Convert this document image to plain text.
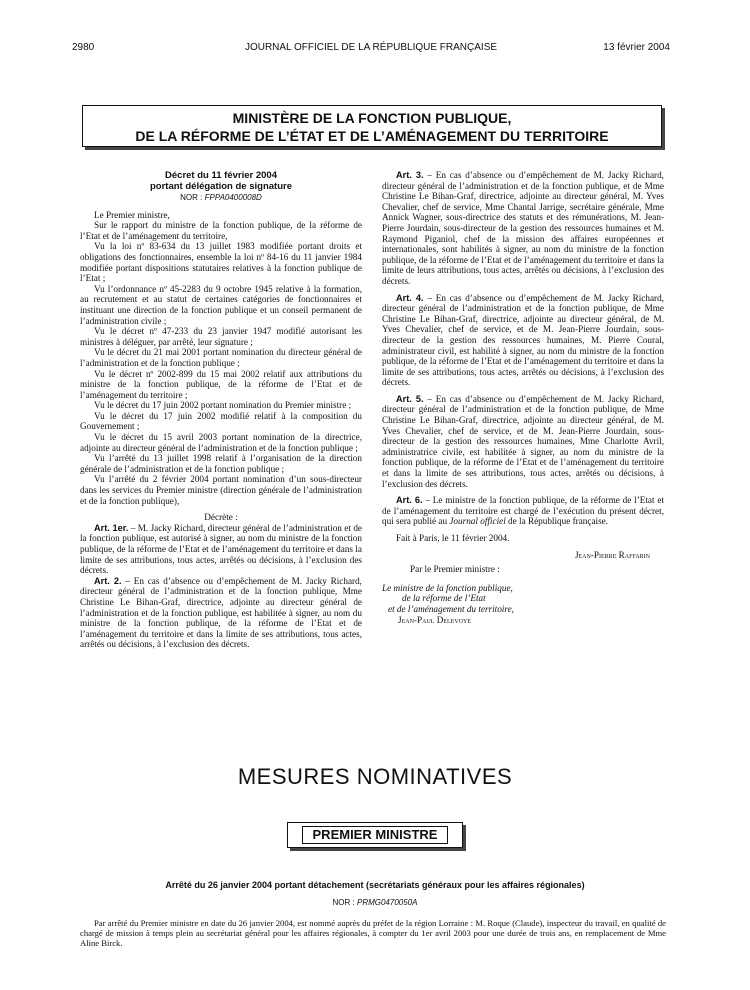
2980	JOURNAL OFFICIEL DE LA RÉPUBLIQUE FRANÇAISE	13 février 2004
MINISTÈRE DE LA FONCTION PUBLIQUE,
DE LA RÉFORME DE L’ÉTAT ET DE L’AMÉNAGEMENT DU TERRITOIRE
Décret du 11 février 2004
portant délégation de signature
NOR : FPPA0400008D

Le Premier ministre,

Sur le rapport du ministre de la fonction publique, de la réforme de l’Etat et de l’aménagement du territoire,

Vu la loi nº 83-634 du 13 juillet 1983 modifiée portant droits et obligations des fonctionnaires, ensemble la loi nº 84-16 du 11 janvier 1984 modifiée portant dispositions statutaires relatives à la fonction publique de l’Etat ;

Vu l’ordonnance nº 45-2283 du 9 octobre 1945 relative à la formation, au recrutement et au statut de certaines catégories de fonctionnaires et instituant une direction de la fonction publique et un conseil permanent de l’administration civile ;

Vu le décret nº 47-233 du 23 janvier 1947 modifié autorisant les ministres à déléguer, par arrêté, leur signature ;

Vu le décret du 21 mai 2001 portant nomination du directeur général de l’administration et de la fonction publique ;

Vu le décret nº 2002-899 du 15 mai 2002 relatif aux attributions du ministre de la fonction publique, de la réforme de l’Etat et de l’aménagement du territoire ;

Vu le décret du 17 juin 2002 portant nomination du Premier ministre ;

Vu le décret du 17 juin 2002 modifié relatif à la composition du Gouvernement ;

Vu le décret du 15 avril 2003 portant nomination de la directrice, adjointe au directeur général de l’administration et de la fonction publique ;

Vu l’arrêté du 13 juillet 1998 relatif à l’organisation de la direction générale de l’administration et de la fonction publique ;

Vu l’arrêté du 2 février 2004 portant nomination d’un sous-directeur dans les services du Premier ministre (direction générale de l’administration et de la fonction publique),

Décrète :

Art. 1er. – M. Jacky Richard, directeur général de l’administration et de la fonction publique, est autorisé à signer, au nom du ministre de la fonction publique, de la réforme de l’Etat et de l’aménagement du territoire et dans la limite de ses attributions, tous actes, arrêtés ou décisions, à l’exclusion des décrets.

Art. 2. – En cas d’absence ou d’empêchement de M. Jacky Richard, directeur général de l’administration et de la fonction publique, Mme Christine Le Bihan-Graf, directrice, adjointe au directeur général de l’administration et de la fonction publique, est habilitée à signer, au nom du ministre de la fonction publique, de la réforme de l’Etat et de l’aménagement du territoire et dans la limite de ses attributions, tous actes, arrêtés ou décisions, à l’exclusion des décrets.

Art. 3. – En cas d’absence ou d’empêchement de M. Jacky Richard, directeur général de l’administration et de la fonction publique, et de Mme Christine Le Bihan-Graf, directrice, adjointe au directeur général, M. Yves Chevalier, chef de service, Mme Chantal Jarrige, secrétaire générale, Mme Annick Wagner, sous-directrice des statuts et des rémunérations, M. Jean-Pierre Jourdain, sous-directeur de la gestion des ressources humaines et M. Raymond Piganiol, chef de la mission des affaires européennes et internationales, sont habilités à signer, au nom du ministre de la fonction publique, de la réforme de l’Etat et de l’aménagement du territoire et dans la limite de leurs attributions, tous actes, arrêtés ou décisions, à l’exclusion des décrets.

Art. 4. – En cas d’absence ou d’empêchement de M. Jacky Richard, directeur général de l’administration et de la fonction publique, de Mme Christine Le Bihan-Graf, directrice, adjointe au directeur général, de M. Yves Chevalier, chef de service, et de M. Jean-Pierre Jourdain, sous-directeur de la gestion des ressources humaines, M. Pierre Coural, administrateur civil, est habilité à signer, au nom du ministre de la fonction publique, de la réforme de l’Etat et de l’aménagement du territoire et dans la limite de ses attributions, tous actes, arrêtés ou décisions, à l’exclusion des décrets.

Art. 5. – En cas d’absence ou d’empêchement de M. Jacky Richard, directeur général de l’administration et de la fonction publique, de Mme Christine Le Bihan-Graf, directrice, adjointe au directeur général, de M. Yves Chevalier, chef de service, et de M. Jean-Pierre Jourdain, sous-directeur de la gestion des ressources humaines, Mme Charlotte Avril, administratrice civile, est habilitée à signer, au nom du ministre de la fonction publique, de la réforme de l’Etat et de l’aménagement du territoire et dans la limite de ses attributions, tous actes, arrêtés ou décisions, à l’exclusion des décrets.

Art. 6. – Le ministre de la fonction publique, de la réforme de l’Etat et de l’aménagement du territoire est chargé de l’exécution du présent décret, qui sera publié au Journal officiel de la République française.

Fait à Paris, le 11 février 2004.

Jean-Pierre Raffarin

Par le Premier ministre :

Le ministre de la fonction publique,

de la réforme de l’Etat

et de l’aménagement du territoire,

Jean-Paul Delevoye

MESURES NOMINATIVES
PREMIER MINISTRE
Arrêté du 26 janvier 2004 portant détachement (secrétariats généraux pour les affaires régionales)
NOR : PRMG0470050A
Par arrêté du Premier ministre en date du 26 janvier 2004, est nommé auprès du préfet de la région Lorraine : M. Roque (Claude), inspecteur du travail, en qualité de chargé de mission à temps plein au secrétariat général pour les affaires régionales, à compter du 1er avril 2003 pour une durée de trois ans, en remplacement de Mme Aline Birck.
